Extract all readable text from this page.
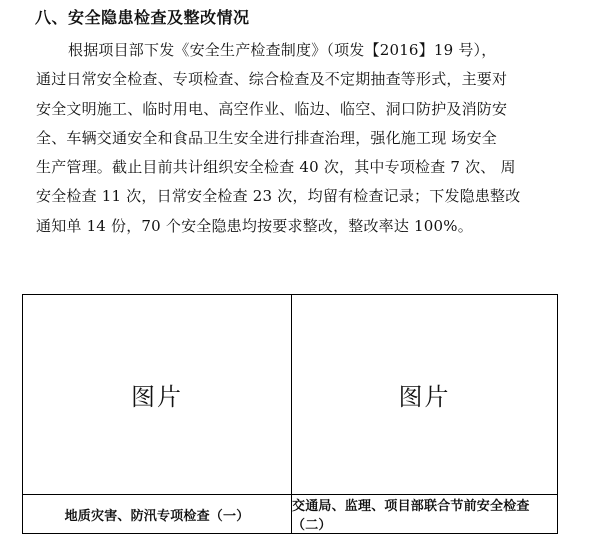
八、安全隐患检查及整改情况
根据项目部下发《安全生产检查制度》（项发【2016】19 号），
通过日常安全检查、专项检查、综合检查及不定期抽查等形式，主要对
安全文明施工、临时用电、高空作业、临边、临空、洞口防护及消防安
全、车辆交通安全和食品卫生安全进行排查治理，强化施工现 场安全
生产管理。截止目前共计组织安全检查 40 次，其中专项检查 7 次、 周
安全检查 11 次，日常安全检查 23 次，均留有检查记录；下发隐患整改
通知单 14 份，70 个安全隐患均按要求整改，整改率达 100%。
图片	图片
地质灾害、防汛专项检查（一）
交通局、监理、项目部联合节前安全检查（二）
